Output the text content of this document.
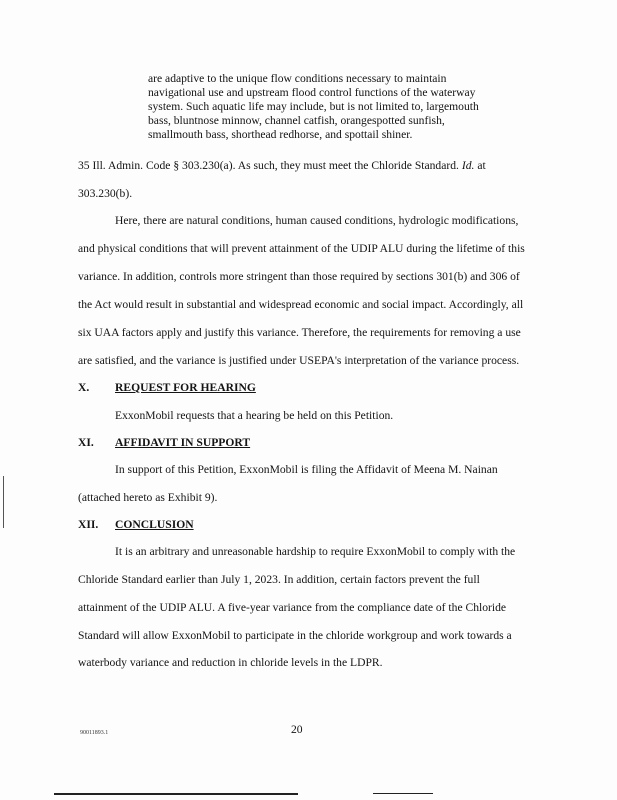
are adaptive to the unique flow conditions necessary to maintain
navigational use and upstream flood control functions of the waterway
system. Such aquatic life may include, but is not limited to, largemouth
bass, bluntnose minnow, channel catfish, orangespotted sunfish,
smallmouth bass, shorthead redhorse, and spottail shiner.
35 Ill. Admin. Code § 303.230(a). As such, they must meet the Chloride Standard. Id. at
303.230(b).
Here, there are natural conditions, human caused conditions, hydrologic modifications,
and physical conditions that will prevent attainment of the UDIP ALU during the lifetime of this
variance. In addition, controls more stringent than those required by sections 301(b) and 306 of
the Act would result in substantial and widespread economic and social impact. Accordingly, all
six UAA factors apply and justify this variance. Therefore, the requirements for removing a use
are satisfied, and the variance is justified under USEPA's interpretation of the variance process.
X. REQUEST FOR HEARING
ExxonMobil requests that a hearing be held on this Petition.
XI. AFFIDAVIT IN SUPPORT
In support of this Petition, ExxonMobil is filing the Affidavit of Meena M. Nainan
(attached hereto as Exhibit 9).
XII. CONCLUSION
It is an arbitrary and unreasonable hardship to require ExxonMobil to comply with the
Chloride Standard earlier than July 1, 2023. In addition, certain factors prevent the full
attainment of the UDIP ALU. A five-year variance from the compliance date of the Chloride
Standard will allow ExxonMobil to participate in the chloride workgroup and work towards a
waterbody variance and reduction in chloride levels in the LDPR.
90011893.1	20
